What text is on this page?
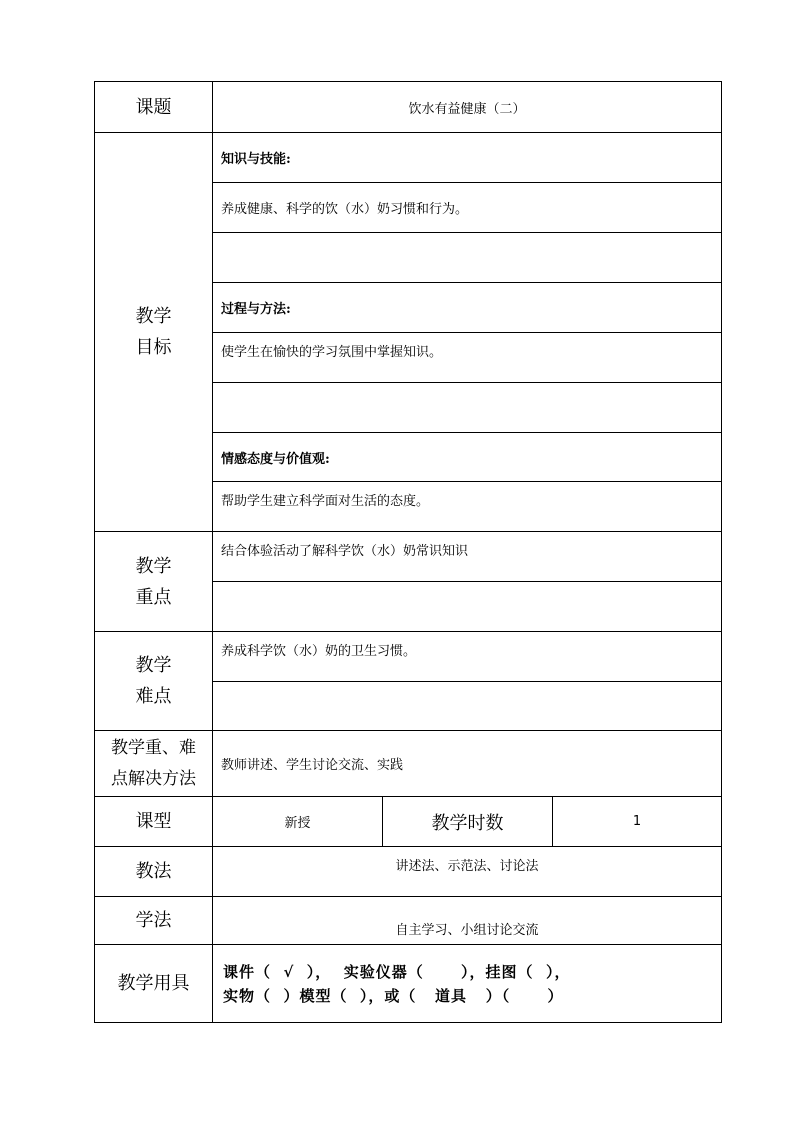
课题	饮水有益健康（二）		

教学
目标	知识与技能:		
	养成健康、科学的饮（水）奶习惯和行为。		

	过程与方法:		
	使学生在愉快的学习氛围中掌握知识。		

	情感态度与价值观:		
	帮助学生建立科学面对生活的态度。		

教学
重点	结合体验活动了解科学饮（水）奶常识知识		

教学
难点	养成科学饮（水）奶的卫生习惯。		

教学重、难
点解决方法	教师讲述、学生讨论交流、实践		
课型	新授	教学时数	1
教法	讲述法、示范法、讨论法		
学法	自主学习、小组讨论交流		
教学用具	课件（  √  ），  实验仪器（      ），挂图（  ），
实物（  ）模型（  ），或（   道具   ）（      ）		
